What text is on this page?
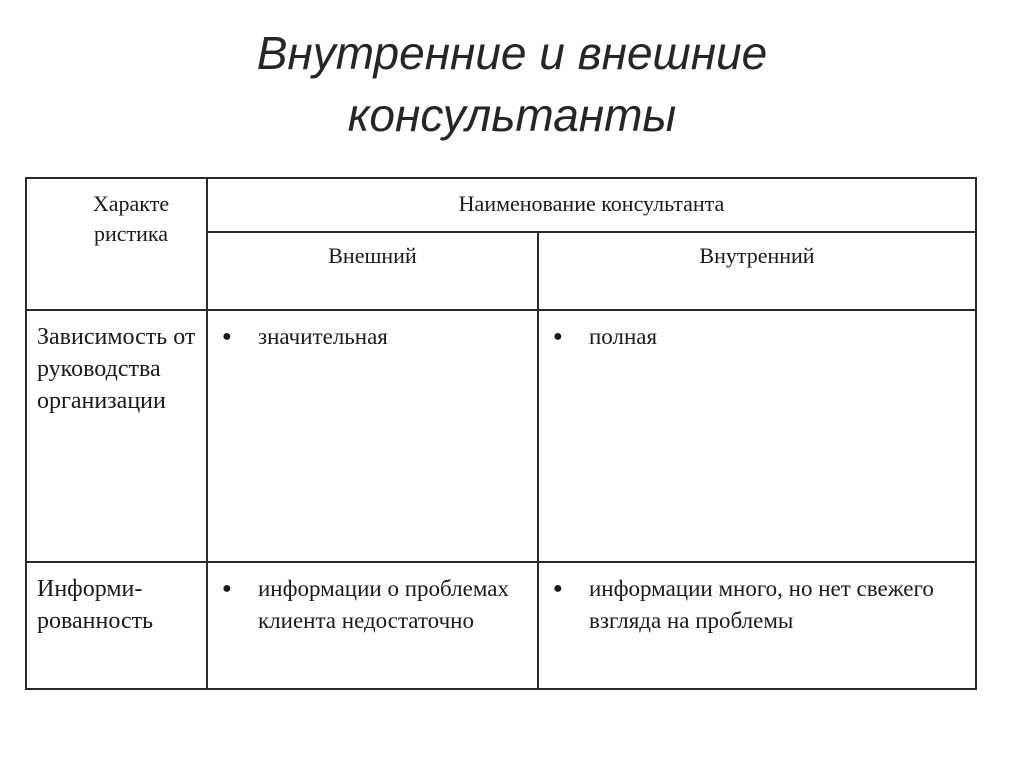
Внутренние и внешние
консультанты
Характе ристика	Наименование консультанта	
	Внешний	Внутренний
Зависимость от руководства организации	● значительная	● полная

Информи-рованность	● информации о проблемах клиента недостаточно	● информации много, но нет свежего взгляда на проблемы
